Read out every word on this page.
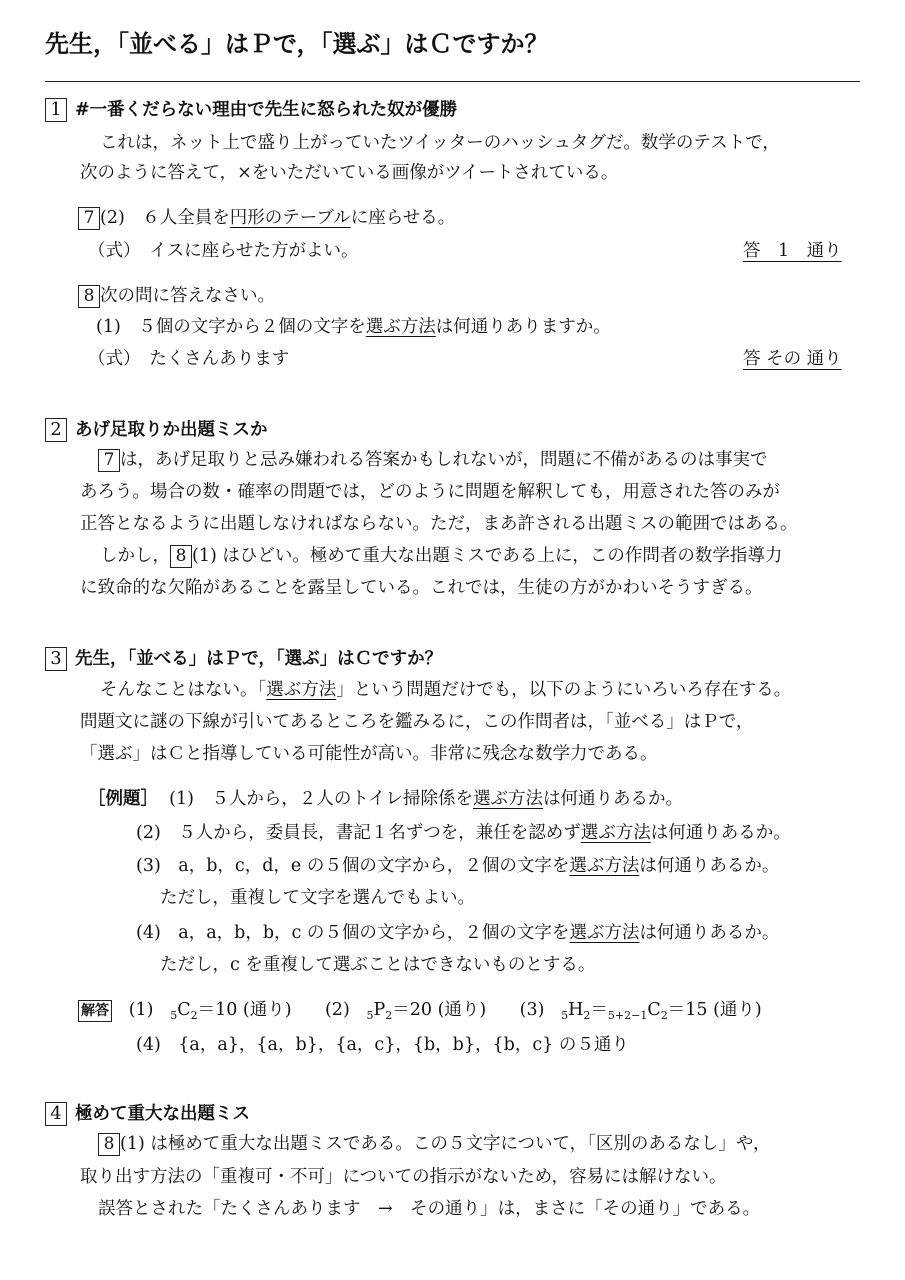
先生，「並べる」はＰで，「選ぶ」はＣですか？
1 #一番くだらない理由で先生に怒られた奴が優勝
これは，ネット上で盛り上がっていたツイッターのハッシュタグだ。数学のテストで，
次のように答えて，×をいただいている画像がツイートされている。
7 (2)　６人全員を円形のテーブルに座らせる。
（式）　イスに座らせた方がよい。	答　1　通り
8 次の問に答えなさい。
(1)　５個の文字から２個の文字を選ぶ方法は何通りありますか。
（式）　たくさんあります	答 その 通り
2 あげ足取りか出題ミスか
7 は，あげ足取りと忌み嫌われる答案かもしれないが，問題に不備があるのは事実で
あろう。場合の数・確率の問題では，どのように問題を解釈しても，用意された答のみが
正答となるように出題しなければならない。ただ，まあ許される出題ミスの範囲ではある。
しかし， 8 (1) はひどい。極めて重大な出題ミスである上に，この作問者の数学指導力
に致命的な欠陥があることを露呈している。これでは，生徒の方がかわいそうすぎる。
3 先生，「並べる」はＰで，「選ぶ」はＣですか？
そんなことはない。「選ぶ方法」という問題だけでも，以下のようにいろいろ存在する。
問題文に謎の下線が引いてあるところを鑑みるに，この作問者は，「並べる」はＰで，
「選ぶ」はＣと指導している可能性が高い。非常に残念な数学力である。
［例題］ (1)　５人から，２人のトイレ掃除係を選ぶ方法は何通りあるか。
(2)　５人から，委員長，書記１名ずつを，兼任を認めず選ぶ方法は何通りあるか。
(3)　a，b，c，d，e の５個の文字から，２個の文字を選ぶ方法は何通りあるか。
ただし，重複して文字を選んでもよい。
(4)　a，a，b，b，c の５個の文字から，２個の文字を選ぶ方法は何通りあるか。
ただし，c を重複して選ぶことはできないものとする。
解答 (1) $_5C_2=10$ (通り) (2) $_5P_2=20$ (通り) (3) $_5H_2=_{5+2-1}C_2=15$ (通り)
(4)　{a，a}，{a，b}，{a，c}，{b，b}，{b，c} の５通り
4 極めて重大な出題ミス
8 (1) は極めて重大な出題ミスである。この５文字について，「区別のあるなし」や，
取り出す方法の「重複可・不可」についての指示がないため，容易には解けない。
誤答とされた「たくさんあります　→　その通り」は，まさに「その通り」である。
